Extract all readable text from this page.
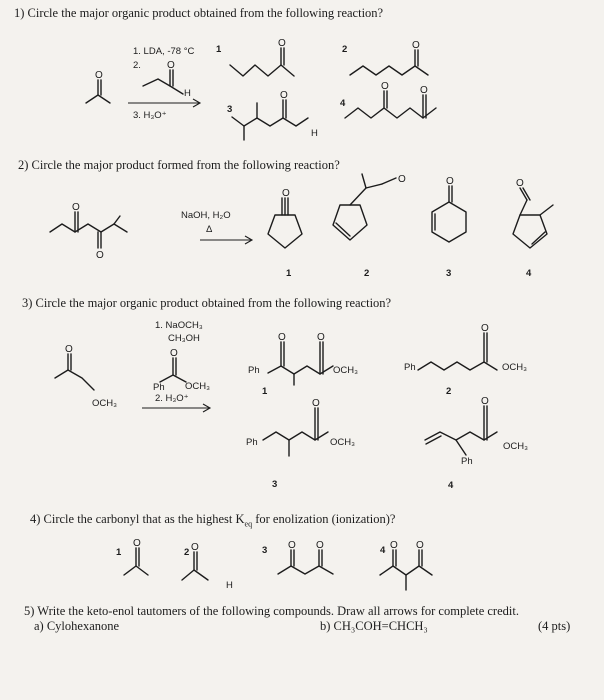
O
O
O	O
O
O	O
O
O
O
O	O	O
O	O
O	O
O
O	O
O	O	O O	O O
1) Circle the major organic product obtained from the following reaction?
1. LDA, -78 °C
2.
H
3. H₃O⁺
1	2
3
4
H
2) Circle the major product formed from the following reaction?
NaOH, H₂O
Δ
1	2	3	4
3) Circle the major organic product obtained from the following reaction?
1. NaOCH₃
CH₃OH
Ph OCH₃
2. H₃O⁺
OCH₃
Ph	OCH₃
1
Ph	OCH₃
2
Ph	OCH₃
3
OCH₃
Ph
4
4) Circle the carbonyl that as the highest $K_{eq}$ for enolization (ionization)?
1	2
H
3	4
5) Write the keto-enol tautomers of the following compounds. Draw all arrows for complete credit.
a) Cylohexanone	b) CH₃COH=CHCH₃	(4 pts)
